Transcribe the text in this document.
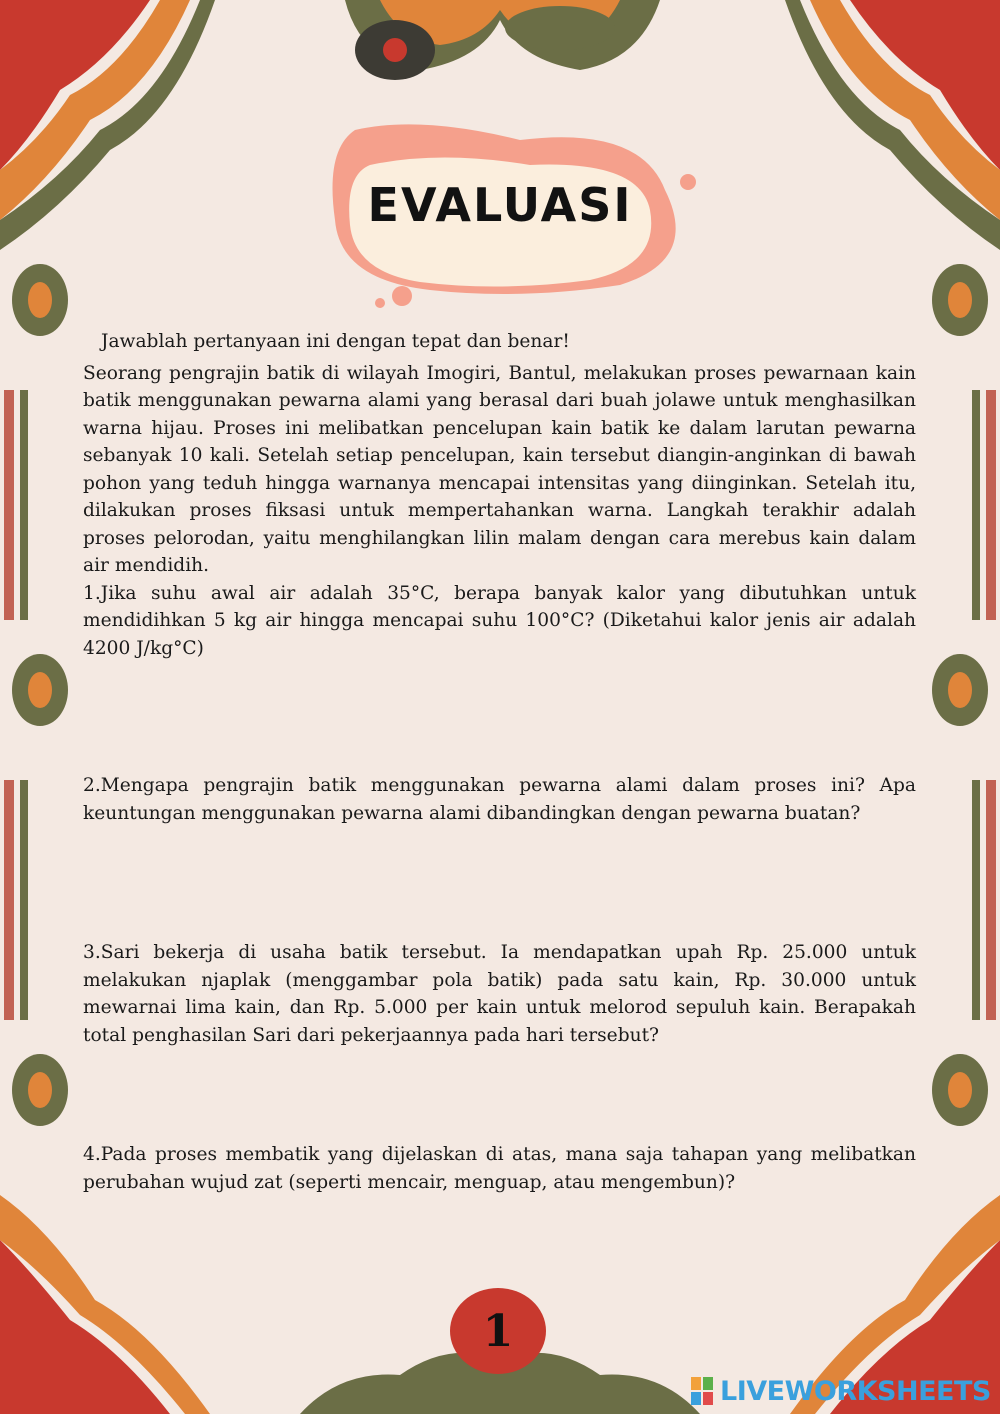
EVALUASI

Jawablah pertanyaan ini dengan tepat dan benar!

Seorang pengrajin batik di wilayah Imogiri, Bantul, melakukan proses pewarnaan kain batik menggunakan pewarna alami yang berasal dari buah jolawe untuk menghasilkan warna hijau. Proses ini melibatkan pencelupan kain batik ke dalam larutan pewarna sebanyak 10 kali. Setelah setiap pencelupan, kain tersebut diangin-anginkan di bawah pohon yang teduh hingga warnanya mencapai intensitas yang diinginkan. Setelah itu, dilakukan proses fiksasi untuk mempertahankan warna. Langkah terakhir adalah proses pelorodan, yaitu menghilangkan lilin malam dengan cara merebus kain dalam air mendidih.

1.Jika suhu awal air adalah 35°C, berapa banyak kalor yang dibutuhkan untuk mendidihkan 5 kg air hingga mencapai suhu 100°C? (Diketahui kalor jenis air adalah 4200 J/kg°C)

2.Mengapa pengrajin batik menggunakan pewarna alami dalam proses ini? Apa keuntungan menggunakan pewarna alami dibandingkan dengan pewarna buatan?

3.Sari bekerja di usaha batik tersebut. Ia mendapatkan upah Rp. 25.000 untuk melakukan njaplak (menggambar pola batik) pada satu kain, Rp. 30.000 untuk mewarnai lima kain, dan Rp. 5.000 per kain untuk melorod sepuluh kain. Berapakah total penghasilan Sari dari pekerjaannya pada hari tersebut?

4.Pada proses membatik yang dijelaskan di atas, mana saja tahapan yang melibatkan perubahan wujud zat (seperti mencair, menguap, atau mengembun)?

1
LIVEWORKSHEETS
